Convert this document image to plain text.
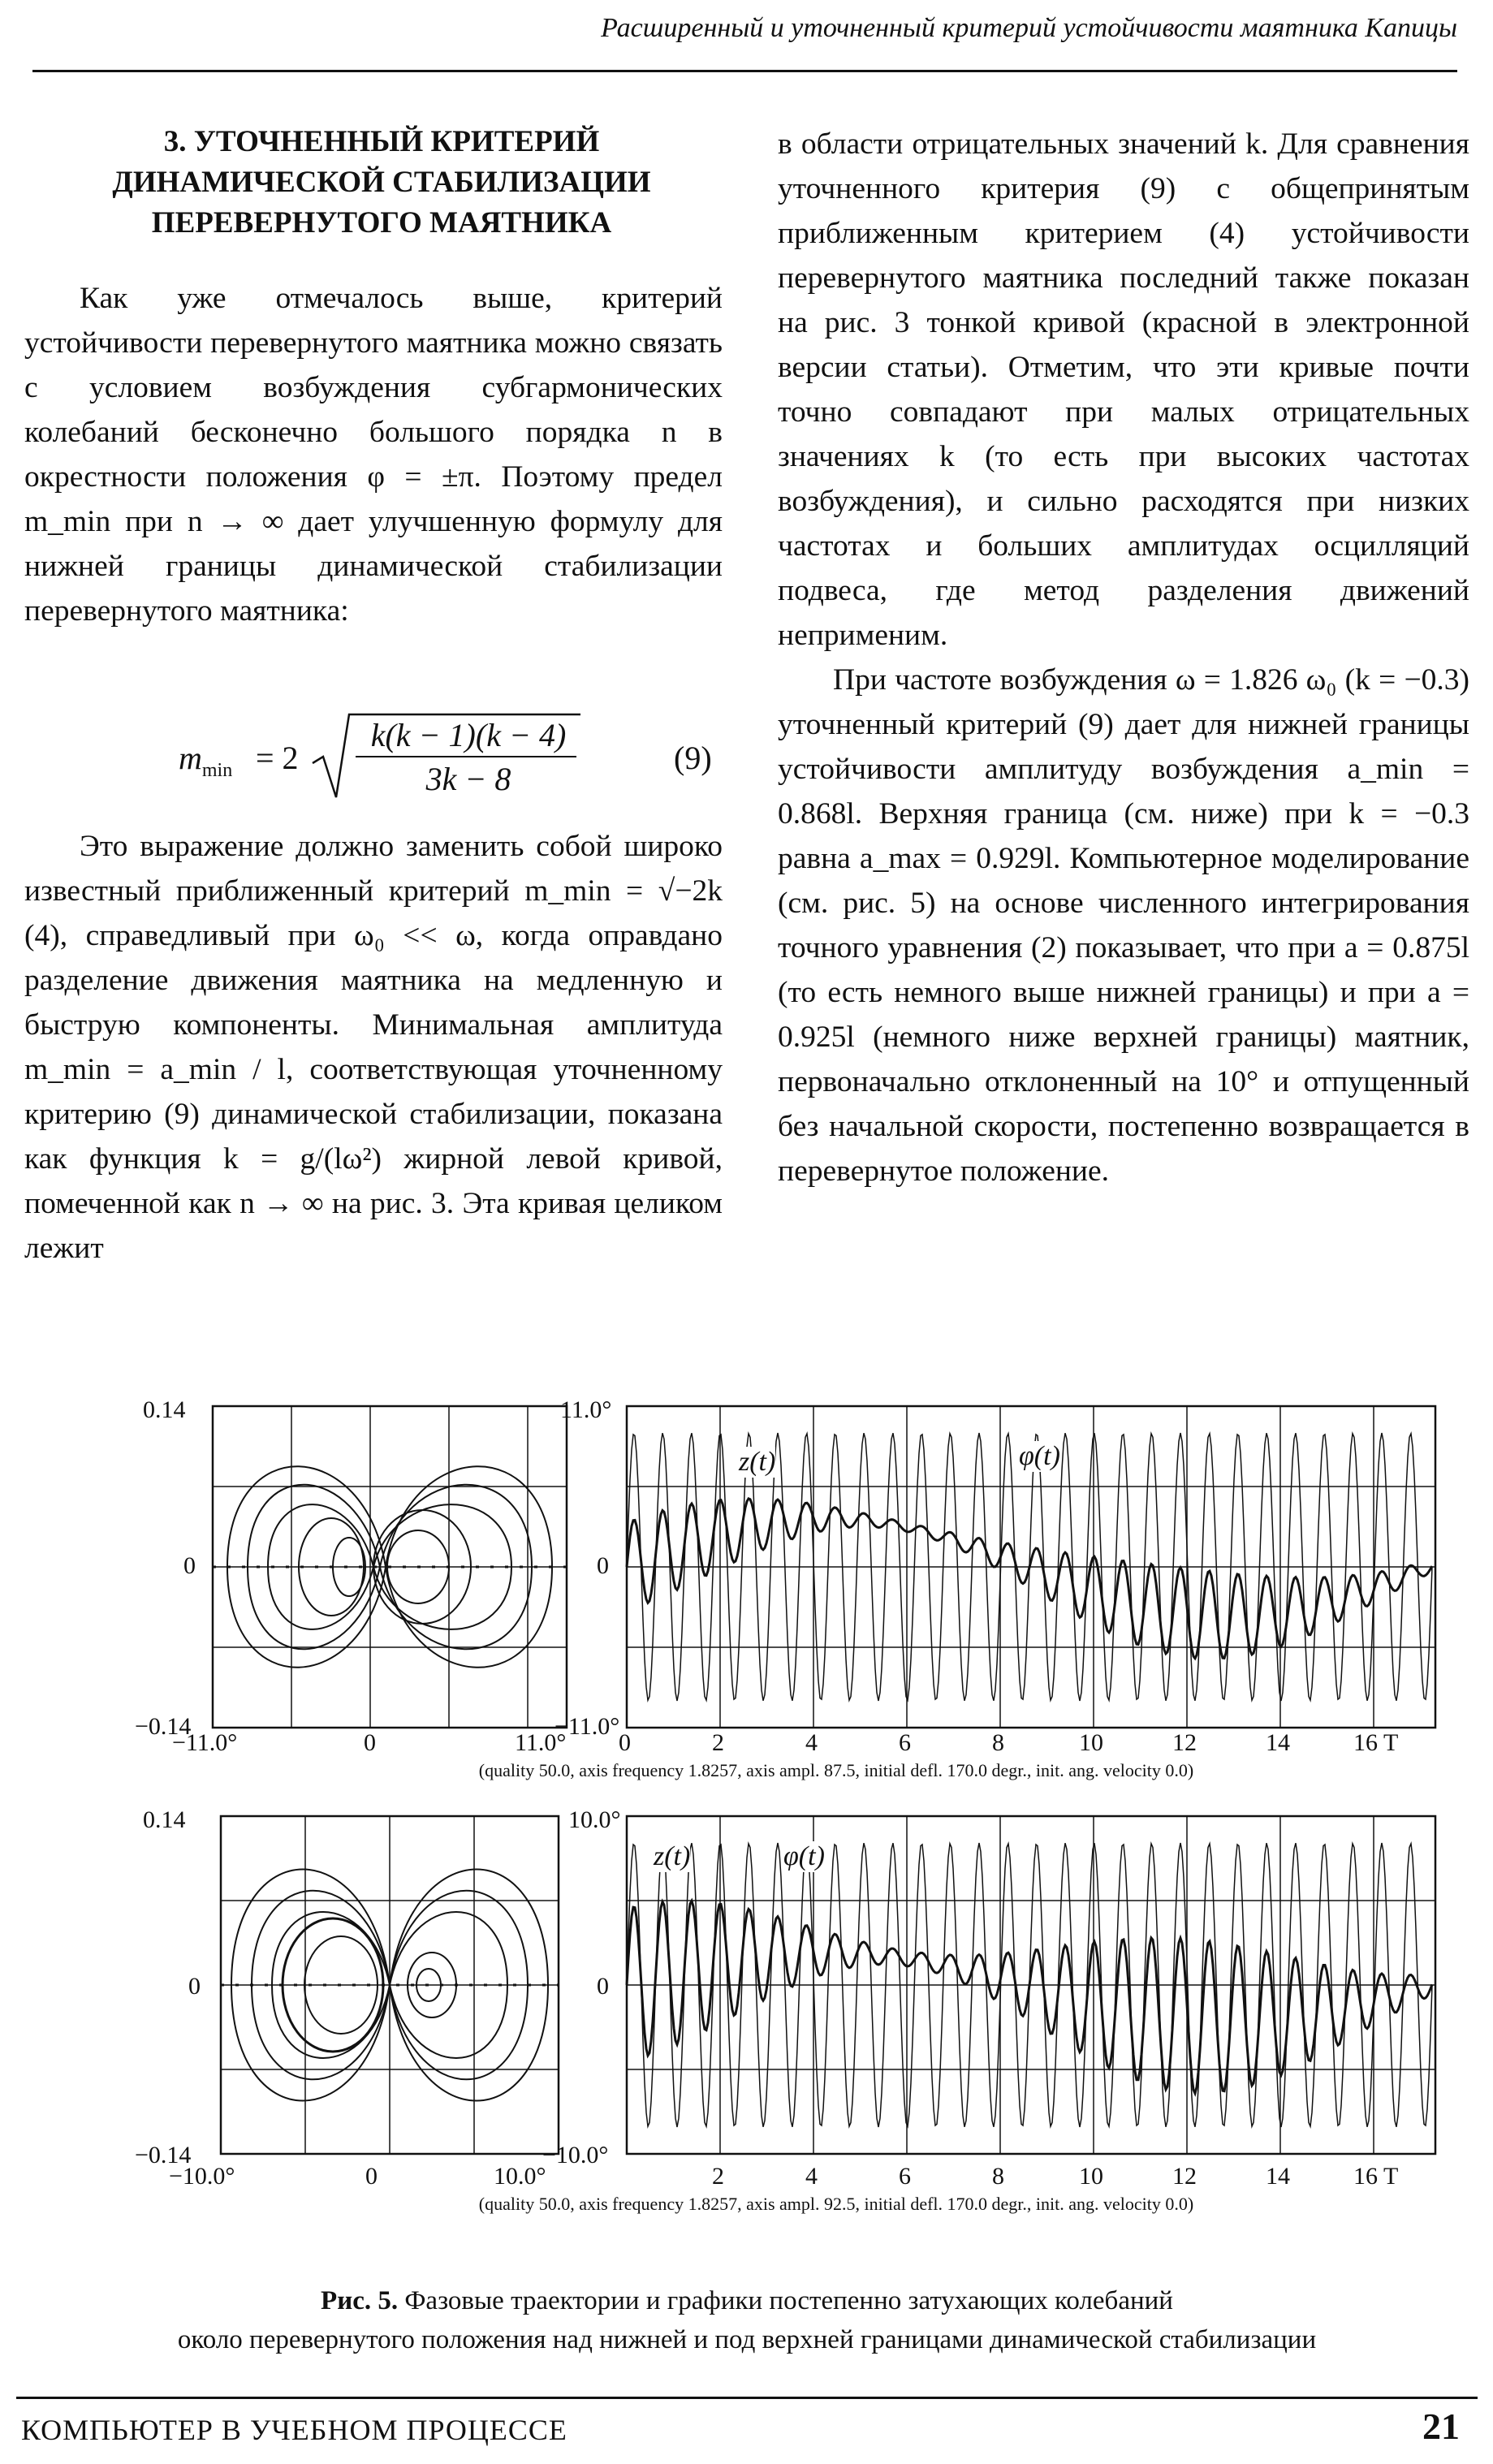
Расширенный и уточненный критерий устойчивости маятника Капицы
3. УТОЧНЕННЫЙ КРИТЕРИЙ
ДИНАМИЧЕСКОЙ СТАБИЛИЗАЦИИ
ПЕРЕВЕРНУТОГО МАЯТНИКА

Как уже отмечалось выше, критерий устойчивости перевернутого маятника можно связать с условием возбуждения субгармонических колебаний бесконечно большого порядка n в окрестности положения φ = ±π. Поэтому предел m_min при n → ∞ дает улучшенную формулу для нижней границы динамической стабилизации перевернутого маятника:

$m_{min} = 2$
k(k − 1)(k − 4)
3k − 8
(9)

Это выражение должно заменить собой широко известный приближенный критерий m_min = √−2k (4), справедливый при ω₀ << ω, когда оправдано разделение движения маятника на медленную и быструю компоненты. Минимальная амплитуда m_min = a_min / l, соответствующая уточненному критерию (9) динамической стабилизации, показана как функция k = g/(lω²) жирной левой кривой, помеченной как n → ∞ на рис. 3. Эта кривая целиком лежит

в области отрицательных значений k. Для сравнения уточненного критерия (9) с общепринятым приближенным критерием (4) устойчивости перевернутого маятника последний также показан на рис. 3 тонкой кривой (красной в электронной версии статьи). Отметим, что эти кривые почти точно совпадают при малых отрицательных значениях k (то есть при высоких частотах возбуждения), и сильно расходятся при низких частотах и больших амплитудах осцилляций подвеса, где метод разделения движений неприменим.

При частоте возбуждения ω = 1.826 ω₀ (k = −0.3) уточненный критерий (9) дает для нижней границы устойчивости амплитуду возбуждения a_min = 0.868l. Верхняя граница (см. ниже) при k = −0.3 равна a_max = 0.929l. Компьютерное моделирование (см. рис. 5) на основе численного интегрирования точного уравнения (2) показывает, что при a = 0.875l (то есть немного выше нижней границы) и при a = 0.925l (немного ниже верхней границы) маятник, первоначально отклоненный на 10° и отпущенный без начальной скорости, постепенно возвращается в перевернутое положение.

0.14
0
−0.14
−11.0°	0	11.0°
11.0°
0
−11.0°
z(t)	φ(t)
0	2	4	6	8	10	12	14	16 T
(quality 50.0, axis frequency 1.8257, axis ampl. 87.5, initial defl. 170.0 degr., init. ang. velocity 0.0)
0.14
0
−0.14
−10.0°	0	10.0°
10.0°
0
−10.0°
z(t)	φ(t)
2	4	6	8	10	12	14	16 T
(quality 50.0, axis frequency 1.8257, axis ampl. 92.5, initial defl. 170.0 degr., init. ang. velocity 0.0)
Рис. 5. Фазовые траектории и графики постепенно затухающих колебаний
около перевернутого положения над нижней и под верхней границами динамической стабилизации
КОМПЬЮТЕР В УЧЕБНОМ ПРОЦЕССЕ	21
